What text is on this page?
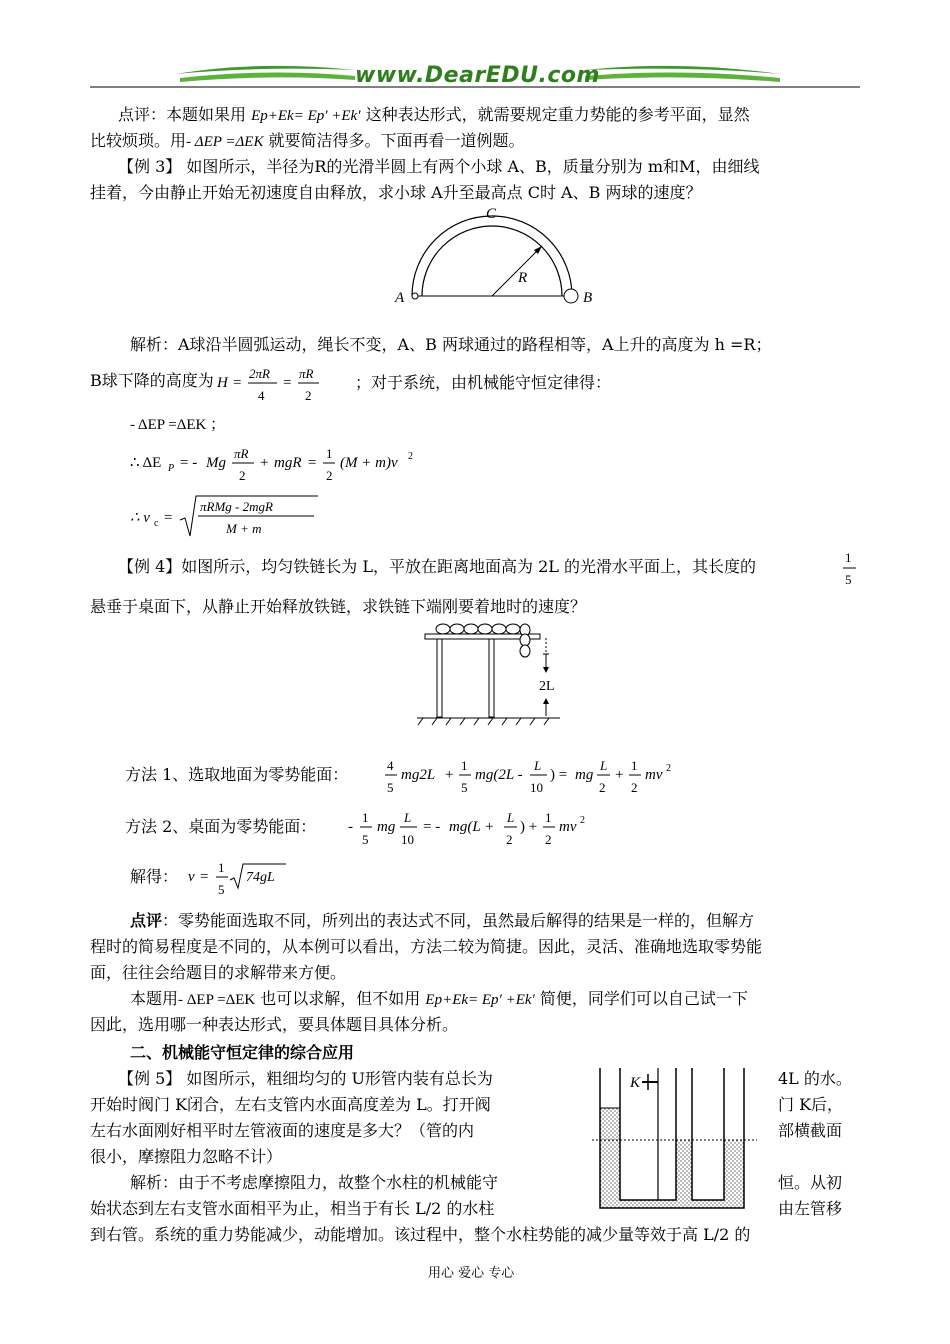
www.DearEDU.com
点评：本题如果用 Ep+Ek= Ep′ +Ek′ 这种表达形式，就需要规定重力势能的参考平面，显然
比较烦琐。用- ΔEP =ΔEK 就要简洁得多。下面再看一道例题。
【例 3】 如图所示，半径为R的光滑半圆上有两个小球 A、B，质量分别为 m和M，由细线
挂着，今由静止开始无初速度自由释放，求小球 A升至最高点 C时 A、B 两球的速度？
C
R
A	B
解析：A球沿半圆弧运动，绳长不变，A、B 两球通过的路程相等，A上升的高度为 h =R；
B球下降的高度为 H =
2πR
4
=
πR
2
；对于系统，由机械能守恒定律得：
- ΔEP =ΔEK ；
∴ ΔE P = - Mg
πR
2
+ mgR =
1
2
(M + m)v 2
∴ v c =
πRMg - 2mgR
M + m
【例 4】如图所示，均匀铁链长为 L，平放在距离地面高为 2L 的光滑水平面上，其长度的	1
5
悬垂于桌面下，从静止开始释放铁链，求铁链下端刚要着地时的速度？
2L
方法 1、选取地面为零势能面：	4
5
mg2L +
1
5
mg(2L -
L
10
) = mg
L
2
+
1
2
mv 2
方法 2、桌面为零势能面： -
1
5
mg
L
10
= - mg(L +
L
2
) +
1
2
mv 2
解得： v =
1
5
74gL
点评：零势能面选取不同，所列出的表达式不同，虽然最后解得的结果是一样的，但解方
程时的简易程度是不同的，从本例可以看出，方法二较为简捷。因此，灵活、准确地选取零势能
面，往往会给题目的求解带来方便。
本题用- ΔEP =ΔEK 也可以求解，但不如用 Ep+Ek= Ep′ +Ek′ 简便，同学们可以自己试一下
因此，选用哪一种表达形式，要具体题目具体分析。
二、机械能守恒定律的综合应用
【例 5】 如图所示，粗细均匀的 U形管内装有总长为	4L 的水。
开始时阀门 K闭合，左右支管内水面高度差为 L。打开阀	门 K后，
左右水面刚好相平时左管液面的速度是多大？（管的内	部横截面
很小，摩擦阻力忽略不计）
解析：由于不考虑摩擦阻力，故整个水柱的机械能守	恒。从初
始状态到左右支管水面相平为止，相当于有长 L/2 的水柱	由左管移
到右管。系统的重力势能减少，动能增加。该过程中，整个水柱势能的减少量等效于高 L/2 的
K
用心 爱心 专心
